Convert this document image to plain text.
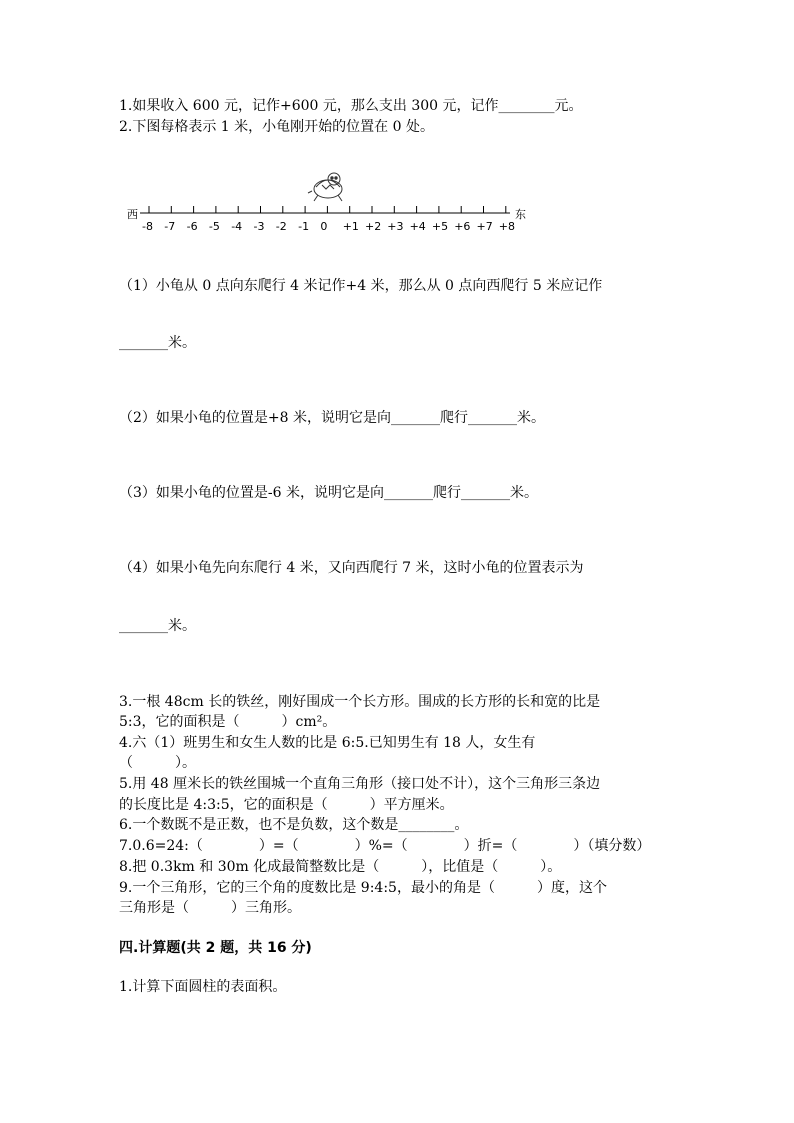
1.如果收入 600 元，记作+600 元，那么支出 300 元，记作________元。
2.下图每格表示 1 米，小龟刚开始的位置在 0 处。
西	东
-8 -7 -6 -5 -4 -3 -2 -1 0 +1 +2 +3 +4 +5 +6 +7 +8
（1）小龟从 0 点向东爬行 4 米记作+4 米，那么从 0 点向西爬行 5 米应记作
_______米。
（2）如果小龟的位置是+8 米，说明它是向_______爬行_______米。
（3）如果小龟的位置是-6 米，说明它是向_______爬行_______米。
（4）如果小龟先向东爬行 4 米，又向西爬行 7 米，这时小龟的位置表示为
_______米。
3.一根 48cm 长的铁丝，刚好围成一个长方形。围成的长方形的长和宽的比是
5:3，它的面积是（　　　）cm²。
4.六（1）班男生和女生人数的比是 6:5.已知男生有 18 人，女生有
（　　　）。
5.用 48 厘米长的铁丝围城一个直角三角形（接口处不计），这个三角形三条边
的长度比是 4:3:5，它的面积是（　　　）平方厘米。
6.一个数既不是正数，也不是负数，这个数是________。
7.0.6=24:（　　　　）=（　　　　）%=（　　　　）折=（　　　　）（填分数）
8.把 0.3km 和 30m 化成最简整数比是（　　　），比值是（　　　）。
9.一个三角形，它的三个角的度数比是 9:4:5，最小的角是（　　　）度，这个
三角形是（　　　）三角形。
四.计算题(共 2 题，共 16 分)
1.计算下面圆柱的表面积。
